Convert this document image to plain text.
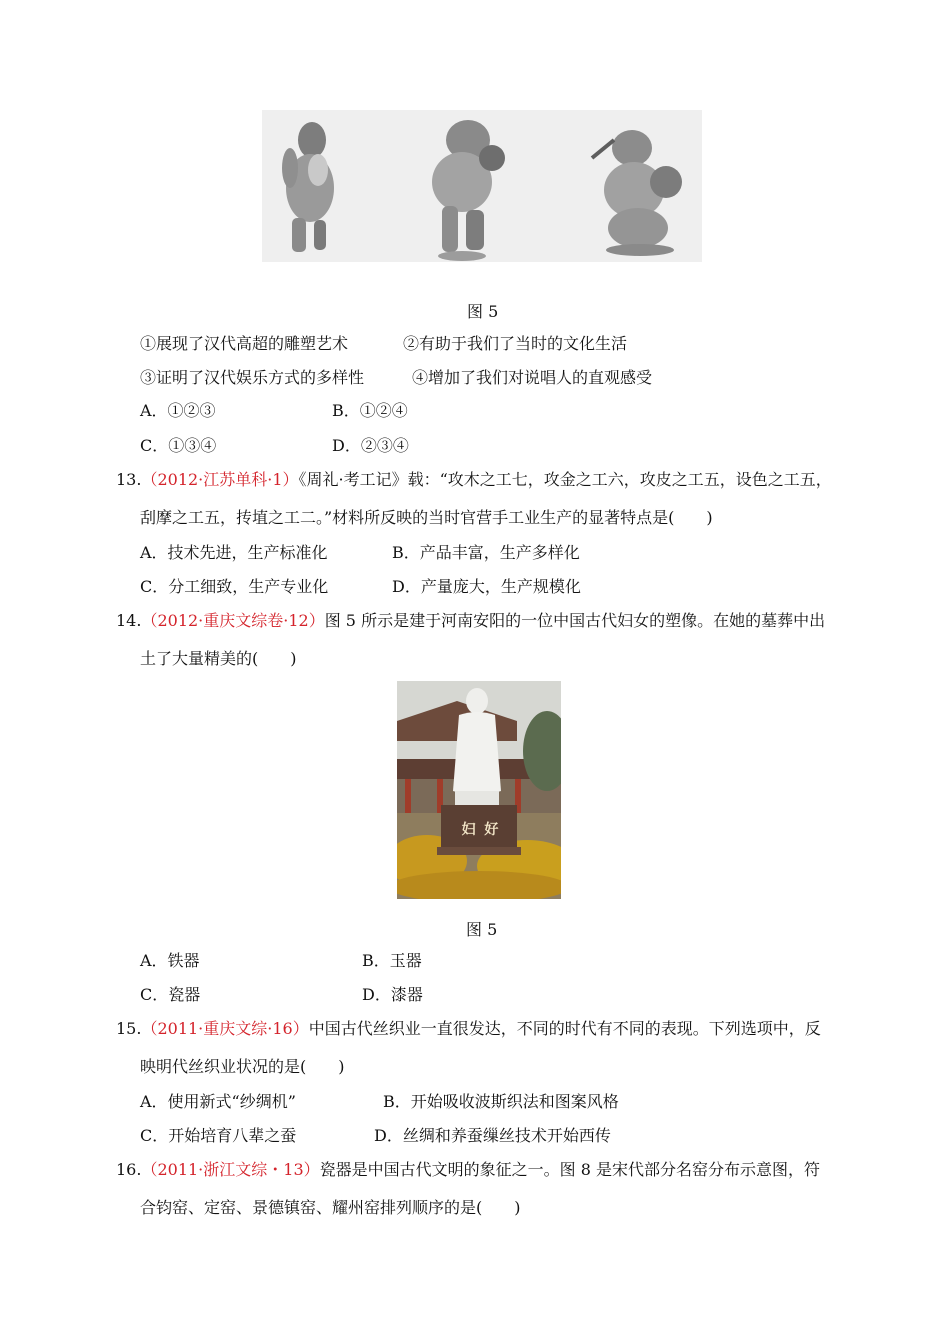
图 5
①展现了汉代高超的雕塑艺术	②有助于我们了当时的文化生活
③证明了汉代娱乐方式的多样性	④增加了我们对说唱人的直观感受
A．①②③	B．①②④
C．①③④	D．②③④
13.（2012·江苏单科·1）《周礼·考工记》载：“攻木之工七，攻金之工六，攻皮之工五，设色之工五，
刮摩之工五，抟埴之工二。”材料所反映的当时官营手工业生产的显著特点是(　　)
A．技术先进，生产标准化	B．产品丰富，生产多样化
C．分工细致，生产专业化	D．产量庞大，生产规模化
14.（2012·重庆文综卷·12）图 5 所示是建于河南安阳的一位中国古代妇女的塑像。在她的墓葬中出
土了大量精美的(　　)
妇 好
图 5
A．铁器	B．玉器
C．瓷器	D．漆器
15.（2011·重庆文综·16）中国古代丝织业一直很发达，不同的时代有不同的表现。下列选项中，反
映明代丝织业状况的是(　　)
A．使用新式“纱绸机”	B．开始吸收波斯织法和图案风格
C．开始培育八辈之蚕	D．丝绸和养蚕缫丝技术开始西传
16.（2011·浙江文综・13）瓷器是中国古代文明的象征之一。图 8 是宋代部分名窑分布示意图，符
合钧窑、定窑、景德镇窑、耀州窑排列顺序的是(　　)
